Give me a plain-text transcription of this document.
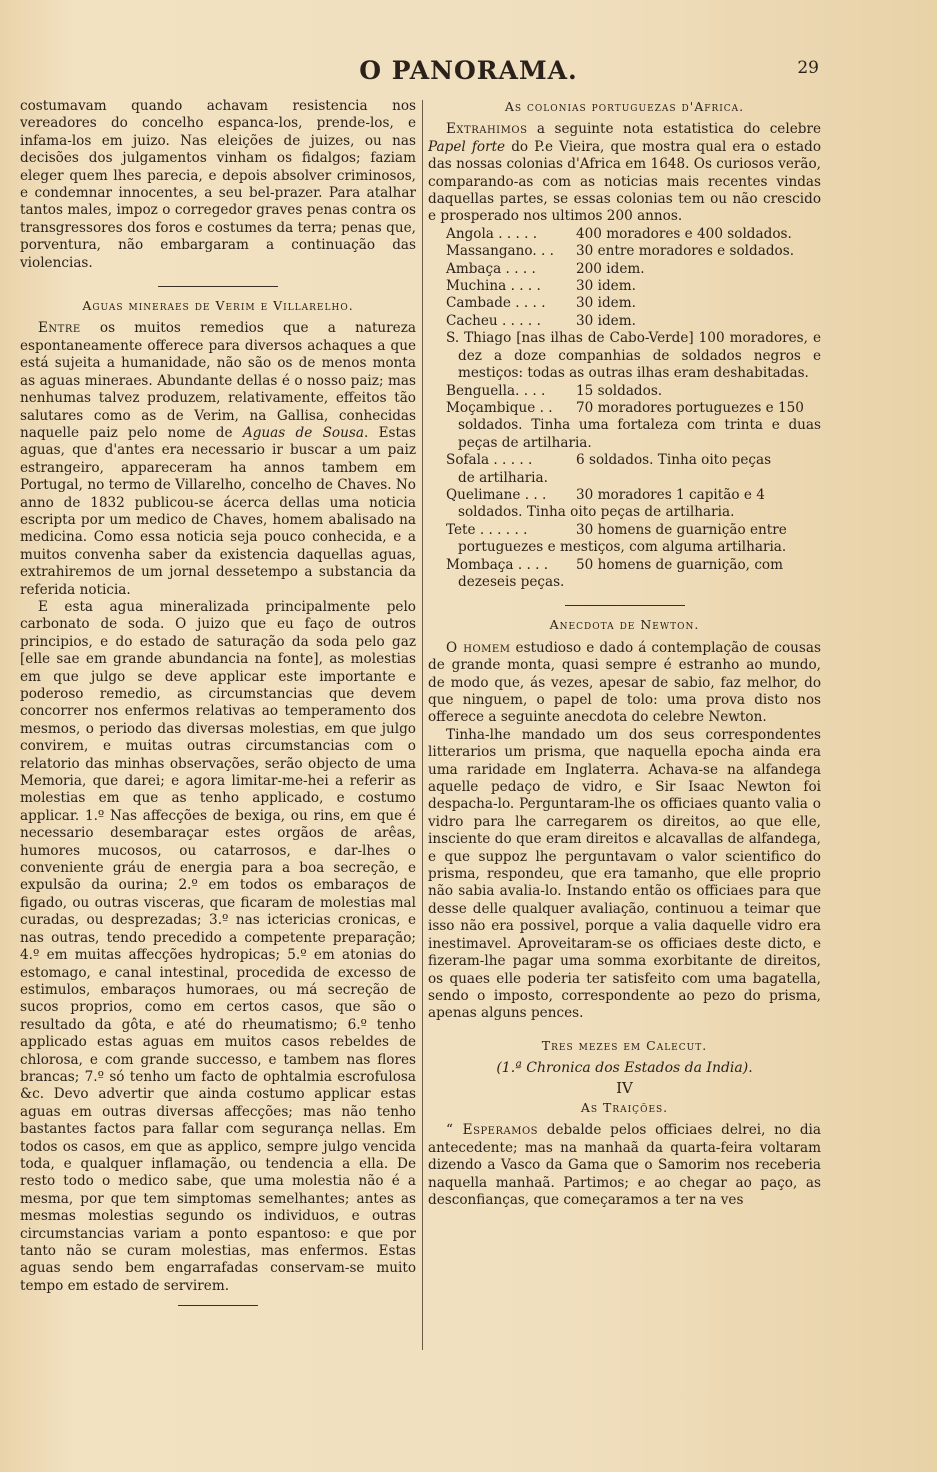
O PANORAMA.	29

costumavam quando achavam resistencia nos vereadores do concelho espanca-los, prende-los, e infama-los em juizo. Nas eleições de juizes, ou nas decisões dos julgamentos vinham os fidalgos; faziam eleger quem lhes parecia, e depois absolver criminosos, e condemnar innocentes, a seu bel-prazer. Para atalhar tantos males, impoz o corregedor graves penas contra os transgressores dos foros e costumes da terra; penas que, porventura, não embargaram a continuação das violencias.

Aguas mineraes de Verim e Villarelho.

Entre os muitos remedios que a natureza espontaneamente offerece para diversos achaques a que está sujeita a humanidade, não são os de menos monta as aguas mineraes. Abundante dellas é o nosso paiz; mas nenhumas talvez produzem, relativamente, effeitos tão salutares como as de Verim, na Gallisa, conhecidas naquelle paiz pelo nome de Aguas de Sousa. Estas aguas, que d'antes era necessario ir buscar a um paiz estrangeiro, appareceram ha annos tambem em Portugal, no termo de Villarelho, concelho de Chaves. No anno de 1832 publicou-se ácerca dellas uma noticia escripta por um medico de Chaves, homem abalisado na medicina. Como essa noticia seja pouco conhecida, e a muitos convenha saber da existencia daquellas aguas, extrahiremos de um jornal dessetempo a substancia da referida noticia.

E esta agua mineralizada principalmente pelo carbonato de soda. O juizo que eu faço de outros principios, e do estado de saturação da soda pelo gaz [elle sae em grande abundancia na fonte], as molestias em que julgo se deve applicar este importante e poderoso remedio, as circumstancias que devem concorrer nos enfermos relativas ao temperamento dos mesmos, o periodo das diversas molestias, em que julgo convirem, e muitas outras circumstancias com o relatorio das minhas observações, serão objecto de uma Memoria, que darei; e agora limitar-me-hei a referir as molestias em que as tenho applicado, e costumo applicar. 1.º Nas affecções de bexiga, ou rins, em que é necessario desembaraçar estes orgãos de arêas, humores mucosos, ou catarrosos, e dar-lhes o conveniente gráu de energia para a boa secreção, e expulsão da ourina; 2.º em todos os embaraços de figado, ou outras visceras, que ficaram de molestias mal curadas, ou desprezadas; 3.º nas ictericias cronicas, e nas outras, tendo precedido a competente preparação; 4.º em muitas affecções hydropicas; 5.º em atonias do estomago, e canal intestinal, procedida de excesso de estimulos, embaraços humoraes, ou má secreção de sucos proprios, como em certos casos, que são o resultado da gôta, e até do rheumatismo; 6.º tenho applicado estas aguas em muitos casos rebeldes de chlorosa, e com grande successo, e tambem nas flores brancas; 7.º só tenho um facto de ophtalmia escrofulosa &c. Devo advertir que ainda costumo applicar estas aguas em outras diversas affecções; mas não tenho bastantes factos para fallar com segurança nellas. Em todos os casos, em que as applico, sempre julgo vencida toda, e qualquer inflamação, ou tendencia a ella. De resto todo o medico sabe, que uma molestia não é a mesma, por que tem simptomas semelhantes; antes as mesmas molestias segundo os individuos, e outras circumstancias variam a ponto espantoso: e que por tanto não se curam molestias, mas enfermos. Estas aguas sendo bem engarrafadas conservam-se muito tempo em estado de servirem.

As colonias portuguezas d'Africa.

Extrahimos a seguinte nota estatistica do celebre Papel forte do P.e Vieira, que mostra qual era o estado das nossas colonias d'Africa em 1648. Os curiosos verão, comparando-as com as noticias mais recentes vindas daquellas partes, se essas colonias tem ou não crescido e prosperado nos ultimos 200 annos.

Angola . . . . .	400 moradores e 400 soldados.
Massangano. . .	30 entre moradores e soldados.
Ambaça . . . .	200 idem.
Muchina . . . .	30 idem.
Cambade . . . .	30 idem.
Cacheu . . . . .	30 idem.
S. Thiago [nas ilhas de Cabo-Verde] 100 moradores, e dez a doze companhias de soldados negros e mestiços: todas as outras ilhas eram deshabitadas.
Benguella. . . .	15 soldados.
Moçambique . .	70 moradores portuguezes e 150
soldados. Tinha uma fortaleza com trinta e duas peças de artilharia.
Sofala . . . . .	6 soldados. Tinha oito peças
de artilharia.
Quelimane . . .	30 moradores 1 capitão e 4
soldados. Tinha oito peças de artilharia.
Tete . . . . . .	30 homens de guarnição entre
portuguezes e mestiços, com alguma artilharia.
Mombaça . . . .	50 homens de guarnição, com
dezeseis peças.
Anecdota de Newton.

O homem estudioso e dado á contemplação de cousas de grande monta, quasi sempre é estranho ao mundo, de modo que, ás vezes, apesar de sabio, faz melhor, do que ninguem, o papel de tolo: uma prova disto nos offerece a seguinte anecdota do celebre Newton.

Tinha-lhe mandado um dos seus correspondentes litterarios um prisma, que naquella epocha ainda era uma raridade em Inglaterra. Achava-se na alfandega aquelle pedaço de vidro, e Sir Isaac Newton foi despacha-lo. Perguntaram-lhe os officiaes quanto valia o vidro para lhe carregarem os direitos, ao que elle, insciente do que eram direitos e alcavallas de alfandega, e que suppoz lhe perguntavam o valor scientifico do prisma, respondeu, que era tamanho, que elle proprio não sabia avalia-lo. Instando então os officiaes para que desse delle qualquer avaliação, continuou a teimar que isso não era possivel, porque a valia daquelle vidro era inestimavel. Aproveitaram-se os officiaes deste dicto, e fizeram-lhe pagar uma somma exorbitante de direitos, os quaes elle poderia ter satisfeito com uma bagatella, sendo o imposto, correspondente ao pezo do prisma, apenas alguns pences.

Tres mezes em Calecut.
(1.ª Chronica dos Estados da India).
IV
As Traições.

“ Esperamos debalde pelos officiaes delrei, no dia antecedente; mas na manhaã da quarta-feira voltaram dizendo a Vasco da Gama que o Samorim nos receberia naquella manhaã. Partimos; e ao chegar ao paço, as desconfianças, que começaramos a ter na ves
